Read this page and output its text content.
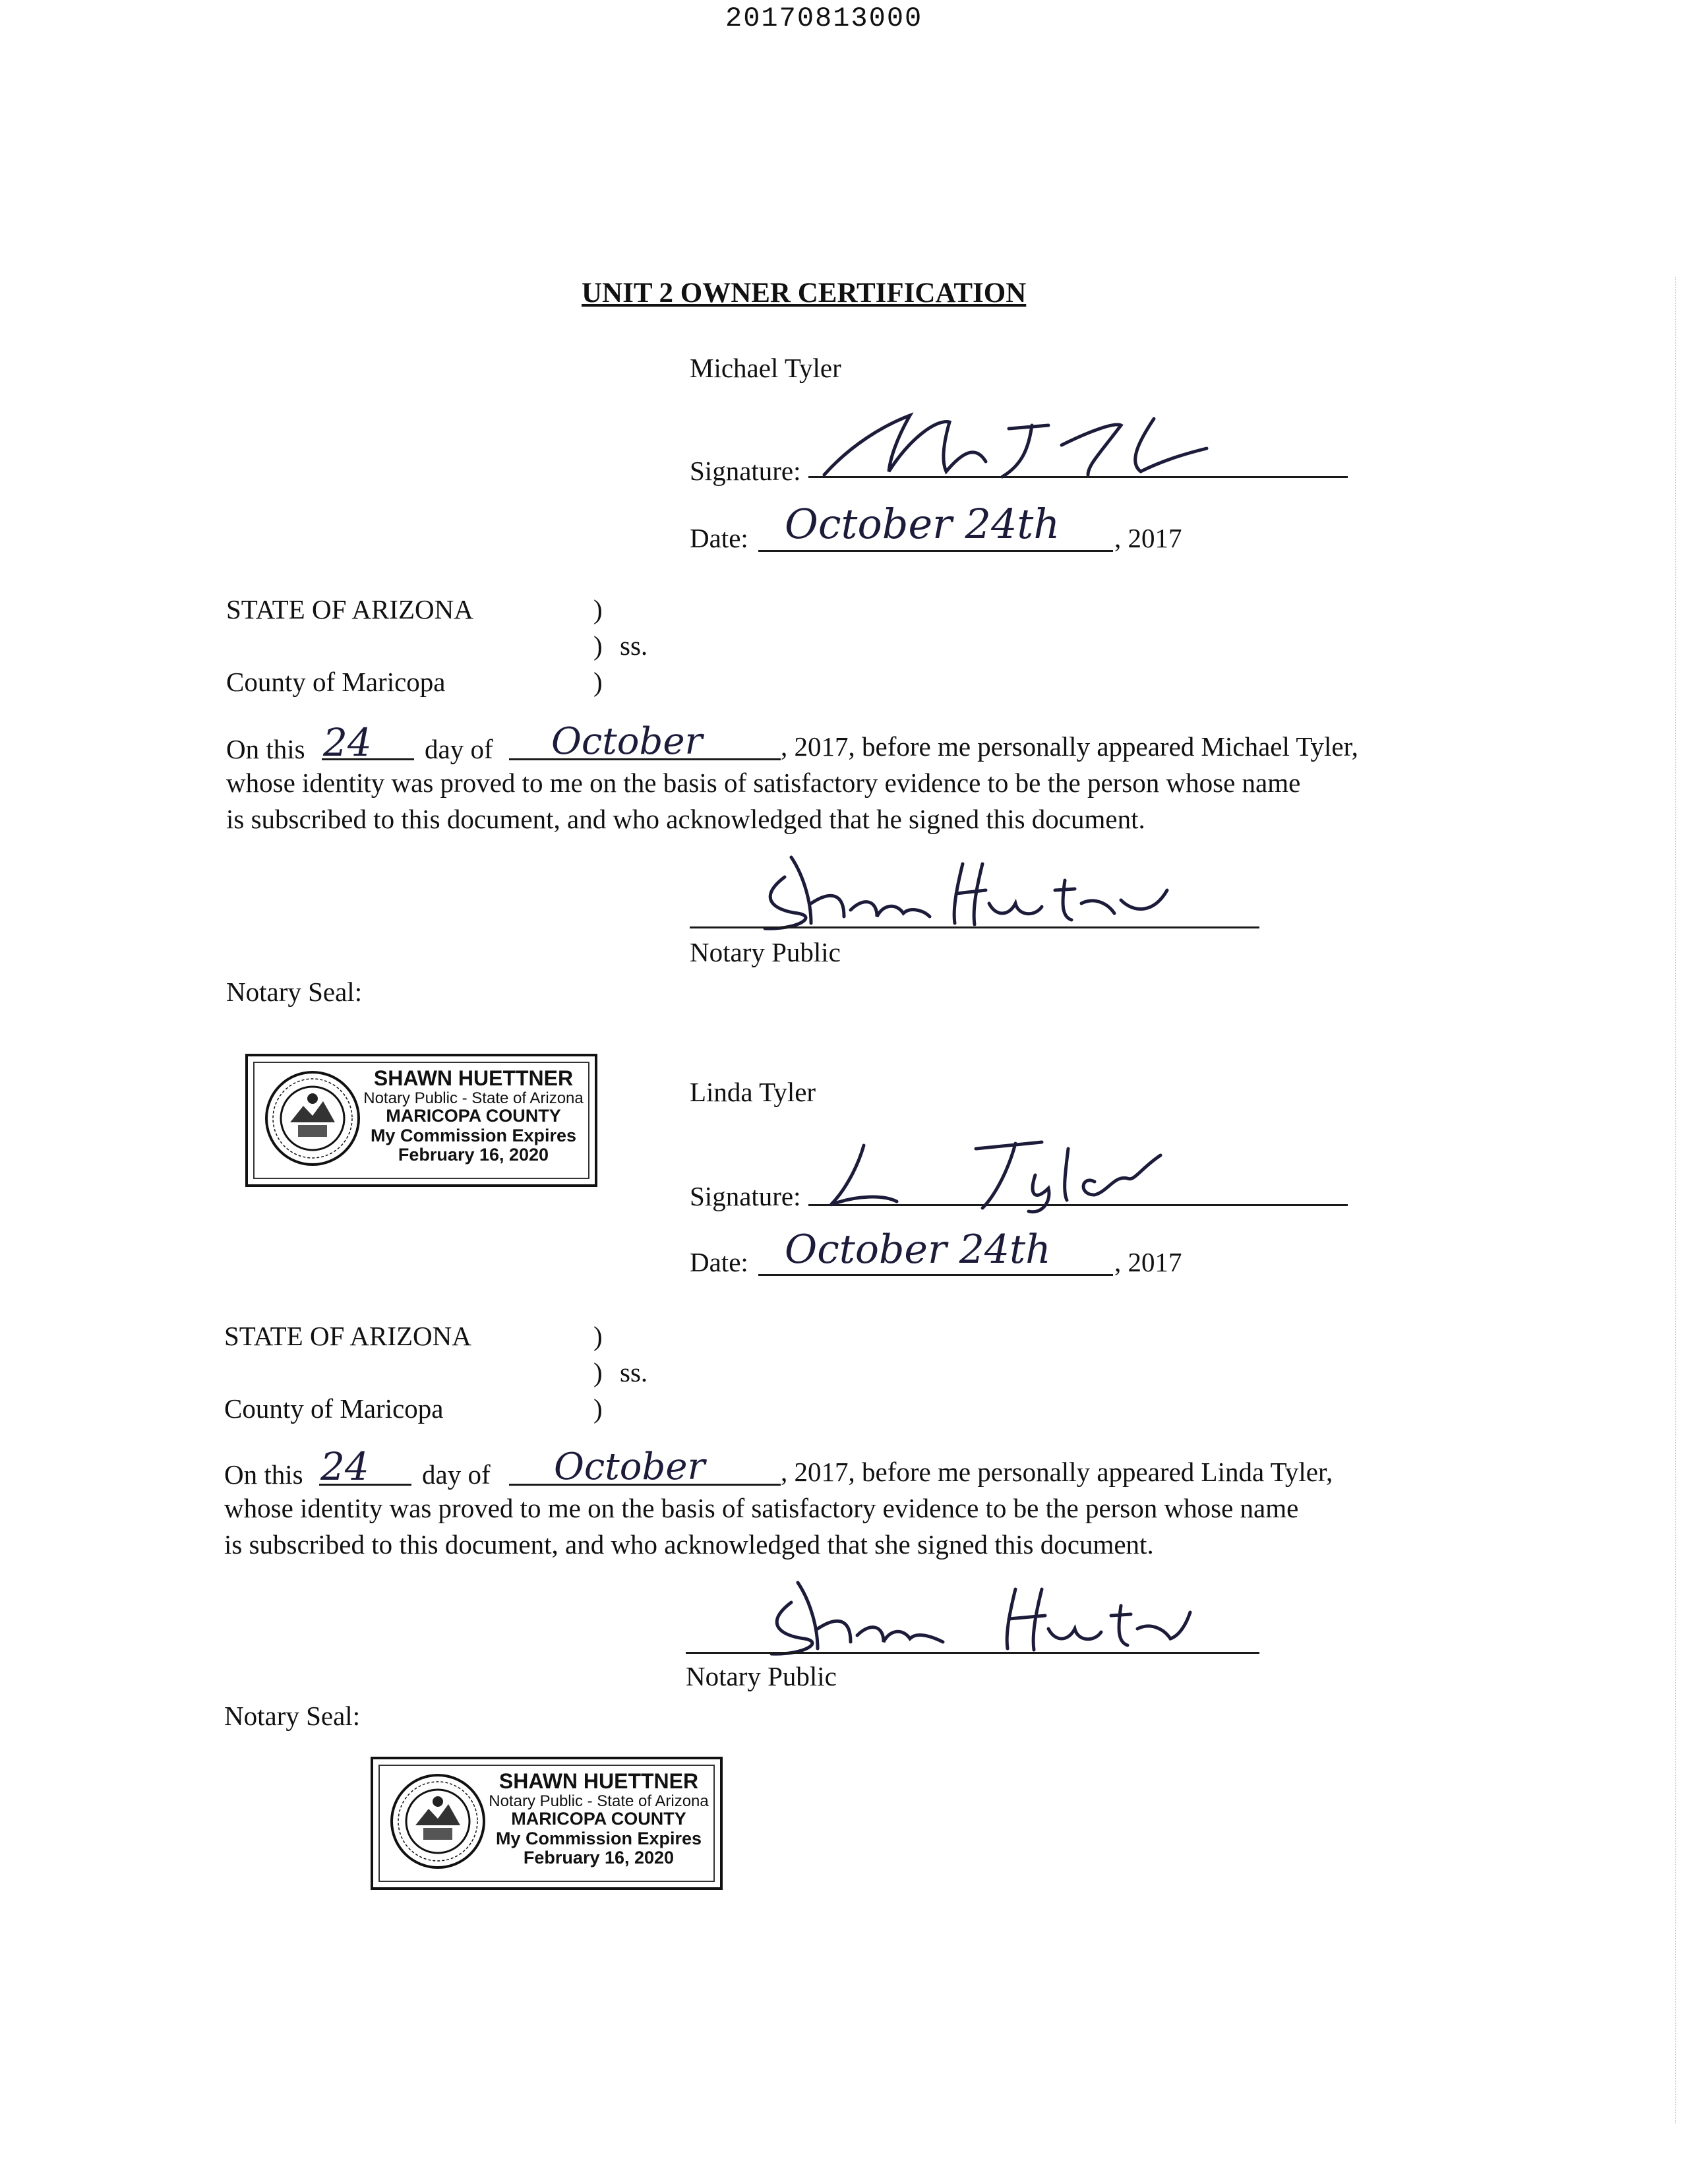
20170813000
UNIT 2 OWNER CERTIFICATION
Michael Tyler
Signature:
Date: October 24th , 2017
STATE OF ARIZONA	)
) ss.
County of Maricopa	)
On this 24 day of October	, 2017, before me personally appeared Michael Tyler,
whose identity was proved to me on the basis of satisfactory evidence to be the person whose name
is subscribed to this document, and who acknowledged that he signed this document.
Notary Public
Notary Seal:
SHAWN HUETTNER
Notary Public - State of Arizona
MARICOPA COUNTY
My Commission Expires
February 16, 2020
Linda Tyler
Signature:
Date: October 24th , 2017
STATE OF ARIZONA	)
) ss.
County of Maricopa	)
On this 24 day of October	, 2017, before me personally appeared Linda Tyler,
whose identity was proved to me on the basis of satisfactory evidence to be the person whose name
is subscribed to this document, and who acknowledged that she signed this document.
Notary Public
Notary Seal:
SHAWN HUETTNER
Notary Public - State of Arizona
MARICOPA COUNTY
My Commission Expires
February 16, 2020
